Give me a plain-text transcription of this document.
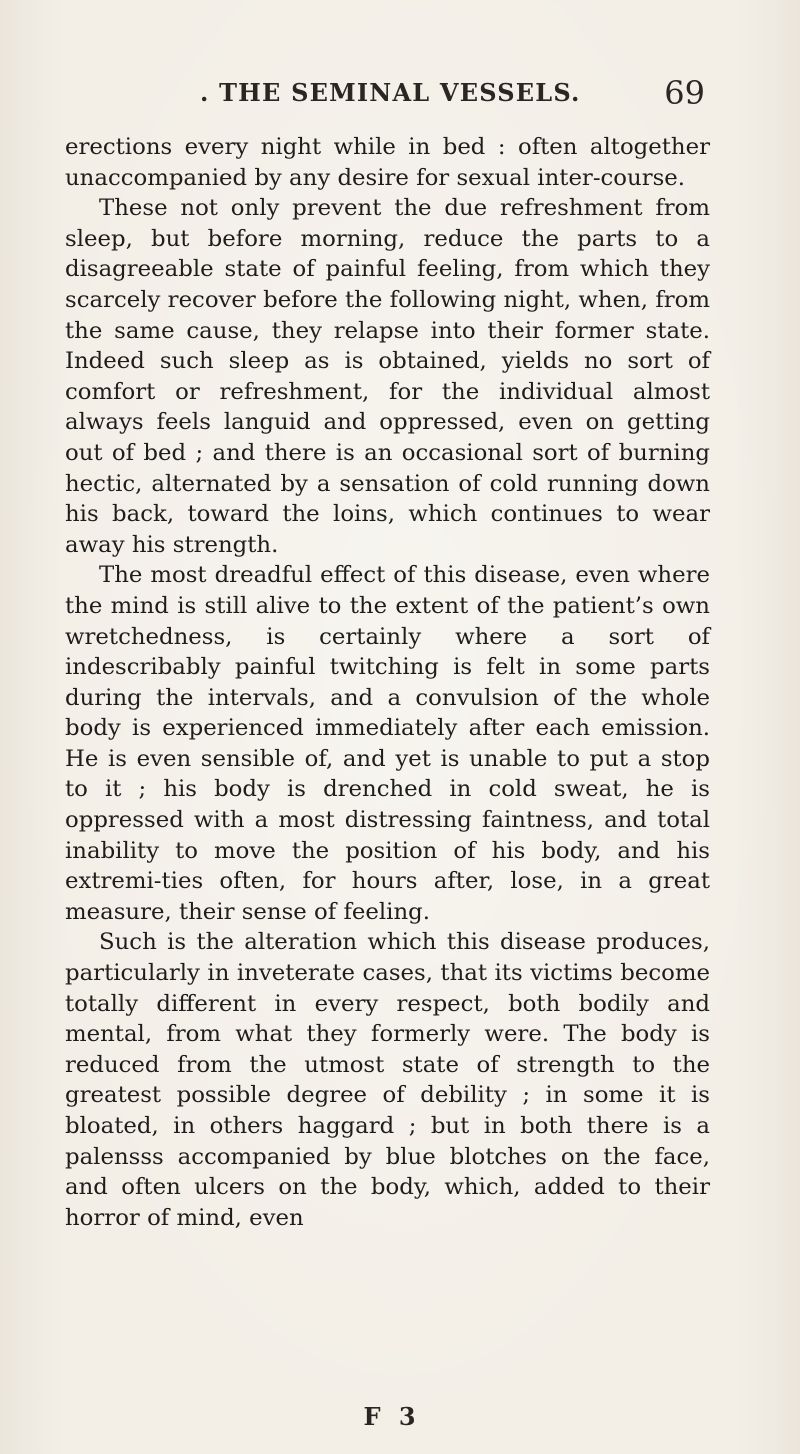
. THE SEMINAL VESSELS.	69

erections every night while in bed : often altogether unaccompanied by any desire for sexual inter-course.

These not only prevent the due refreshment from sleep, but before morning, reduce the parts to a disagreeable state of painful feeling, from which they scarcely recover before the following night, when, from the same cause, they relapse into their former state. Indeed such sleep as is obtained, yields no sort of comfort or refreshment, for the individual almost always feels languid and oppressed, even on getting out of bed ; and there is an occasional sort of burning hectic, alternated by a sensation of cold running down his back, toward the loins, which continues to wear away his strength.

The most dreadful effect of this disease, even where the mind is still alive to the extent of the patient’s own wretchedness, is certainly where a sort of indescribably painful twitching is felt in some parts during the intervals, and a convulsion of the whole body is experienced immediately after each emission. He is even sensible of, and yet is unable to put a stop to it ; his body is drenched in cold sweat, he is oppressed with a most distressing faintness, and total inability to move the position of his body, and his extremi-ties often, for hours after, lose, in a great measure, their sense of feeling.

Such is the alteration which this disease produces, particularly in inveterate cases, that its victims become totally different in every respect, both bodily and mental, from what they formerly were. The body is reduced from the utmost state of strength to the greatest possible degree of debility ; in some it is bloated, in others haggard ; but in both there is a palensss accompanied by blue blotches on the face, and often ulcers on the body, which, added to their horror of mind, even

F 3
